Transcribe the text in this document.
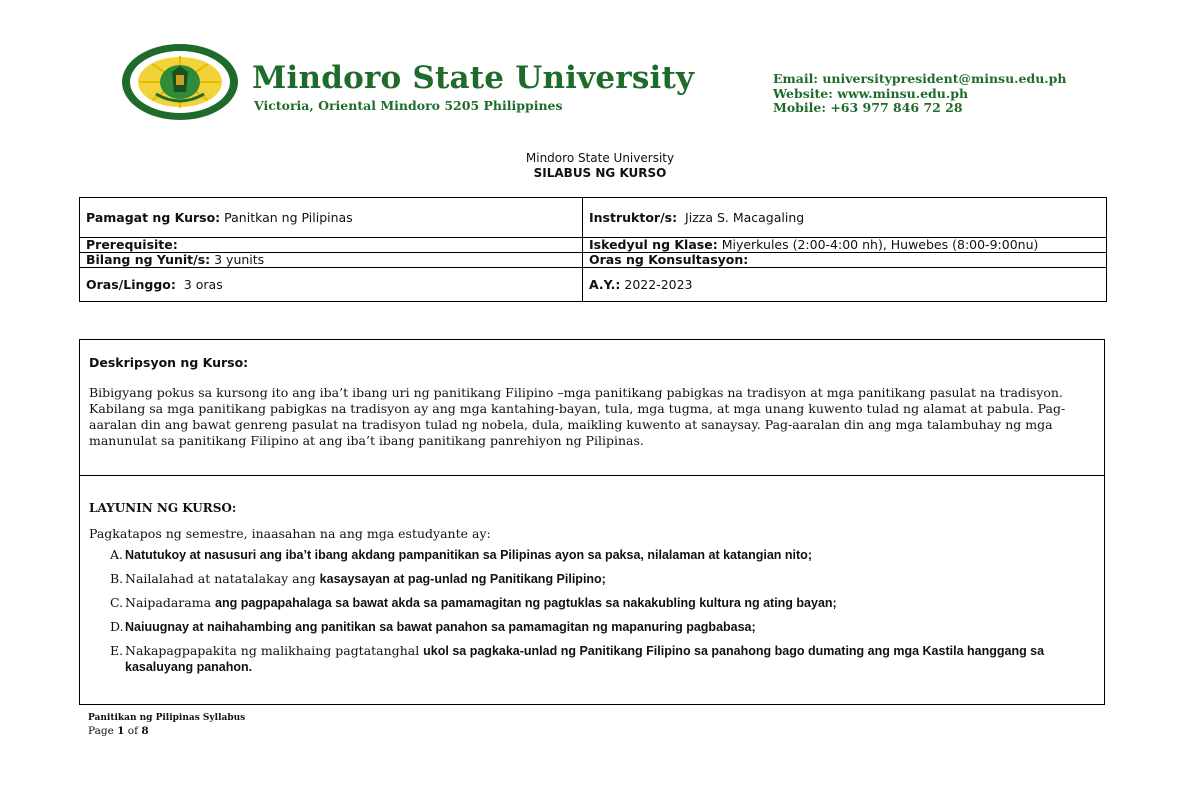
Mindoro State University
Victoria, Oriental Mindoro 5205 Philippines
Email: universitypresident@minsu.edu.ph
Website: www.minsu.edu.ph
Mobile: +63 977 846 72 28
Mindoro State University
SILABUS NG KURSO
Pamagat ng Kurso: Panitkan ng Pilipinas	Instruktor/s: Jizza S. Macagaling
Prerequisite:	Iskedyul ng Klase: Miyerkules (2:00-4:00 nh), Huwebes (8:00-9:00nu)
Bilang ng Yunit/s: 3 yunits	Oras ng Konsultasyon:
Oras/Linggo: 3 oras	A.Y.: 2022-2023

Deskripsyon ng Kurso:

Bibigyang pokus sa kursong ito ang iba’t ibang uri ng panitikang Filipino –mga panitikang pabigkas na tradisyon at mga panitikang pasulat na tradisyon. Kabilang sa mga panitikang pabigkas na tradisyon ay ang mga kantahing-bayan, tula, mga tugma, at mga unang kuwento tulad ng alamat at pabula. Pag-aaralan din ang bawat genreng pasulat na tradisyon tulad ng nobela, dula, maikling kuwento at sanaysay. Pag-aaralan din ang mga talambuhay ng mga manunulat sa panitikang Filipino at ang iba’t ibang panitikang panrehiyon ng Pilipinas.

LAYUNIN NG KURSO:

Pagkatapos ng semestre, inaasahan na ang mga estudyante ay:

A. Natutukoy at nasusuri ang iba’t ibang akdang pampanitikan sa Pilipinas ayon sa paksa, nilalaman at katangian nito;
B. Nailalahad at natatalakay ang kasaysayan at pag-unlad ng Panitikang Pilipino;
C. Naipadarama ang pagpapahalaga sa bawat akda sa pamamagitan ng pagtuklas sa nakakubling kultura ng ating bayan;
D. Naiuugnay at naihahambing ang panitikan sa bawat panahon sa pamamagitan ng mapanuring pagbabasa;
E. Nakapagpapakita ng malikhaing pagtatanghal ukol sa pagkaka-unlad ng Panitikang Filipino sa panahong bago dumating ang mga Kastila hanggang sa kasaluyang panahon.
Panitikan ng Pilipinas Syllabus
Page 1 of 8
